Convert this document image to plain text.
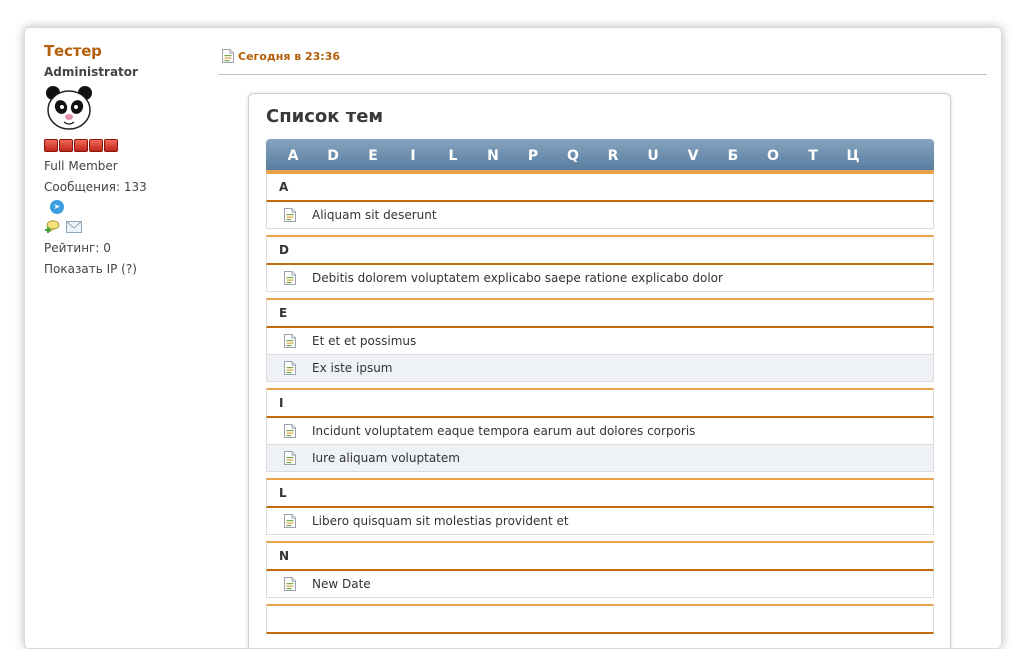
Тестер
Administrator
Full Member
Сообщения: 133
➤
Рейтинг: 0
Показать IP (?)
Сегодня в 23:36
Список тем
A	D	E	I	L	N	P	Q	R	U	V	Б	О	Т	Ц
A
Aliquam sit deserunt
D
Debitis dolorem voluptatem explicabo saepe ratione explicabo dolor
E
Et et et possimus
Ex iste ipsum
I
Incidunt voluptatem eaque tempora earum aut dolores corporis
Iure aliquam voluptatem
L
Libero quisquam sit molestias provident et
N
New Date
